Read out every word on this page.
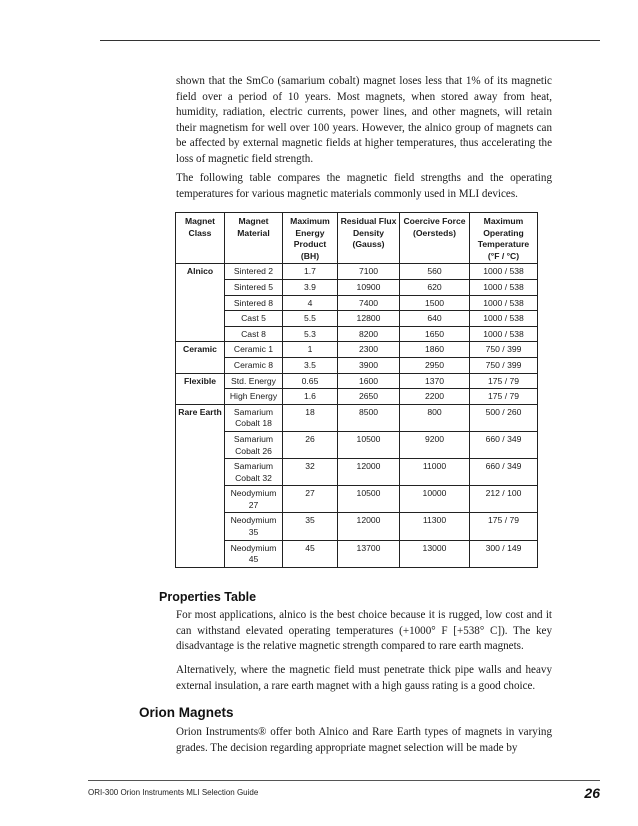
shown that the SmCo (samarium cobalt) magnet loses less that 1% of its magnetic field over a period of 10 years. Most magnets, when stored away from heat, humidity, radiation, electric currents, power lines, and other magnets, will retain their magnetism for well over 100 years. However, the alnico group of magnets can be affected by external magnetic fields at higher temperatures, thus accelerating the loss of magnetic field strength.

The following table compares the magnetic field strengths and the operating temperatures for various magnetic materials commonly used in MLI devices.

Magnet Class	Magnet Material	Maximum Energy Product (BH)	Residual Flux Density (Gauss)	Coercive Force (Oersteds)	Maximum Operating Temperature (°F / °C)
Alnico	Sintered 2	1.7	7100	560	1000 / 538
	Sintered 5	3.9	10900	620	1000 / 538
	Sintered 8	4	7400	1500	1000 / 538
	Cast 5	5.5	12800	640	1000 / 538
	Cast 8	5.3	8200	1650	1000 / 538
Ceramic	Ceramic 1	1	2300	1860	750 / 399
	Ceramic 8	3.5	3900	2950	750 / 399
Flexible	Std. Energy	0.65	1600	1370	175 / 79
	High Energy	1.6	2650	2200	175 / 79
Rare Earth	Samarium Cobalt 18	18	8500	800	500 / 260
	Samarium Cobalt 26	26	10500	9200	660 / 349
	Samarium Cobalt 32	32	12000	11000	660 / 349
	Neodymium 27	27	10500	10000	212 / 100
	Neodymium 35	35	12000	11300	175 / 79
	Neodymium 45	45	13700	13000	300 / 149
Properties Table

For most applications, alnico is the best choice because it is rugged, low cost and it can withstand elevated operating temperatures (+1000° F [+538° C]). The key disadvantage is the relative magnetic strength compared to rare earth magnets.

Alternatively, where the magnetic field must penetrate thick pipe walls and heavy external insulation, a rare earth magnet with a high gauss rating is a good choice.

Orion Magnets

Orion Instruments® offer both Alnico and Rare Earth types of magnets in varying grades. The decision regarding appropriate magnet selection will be made by

ORI-300 Orion Instruments MLI Selection Guide	26
